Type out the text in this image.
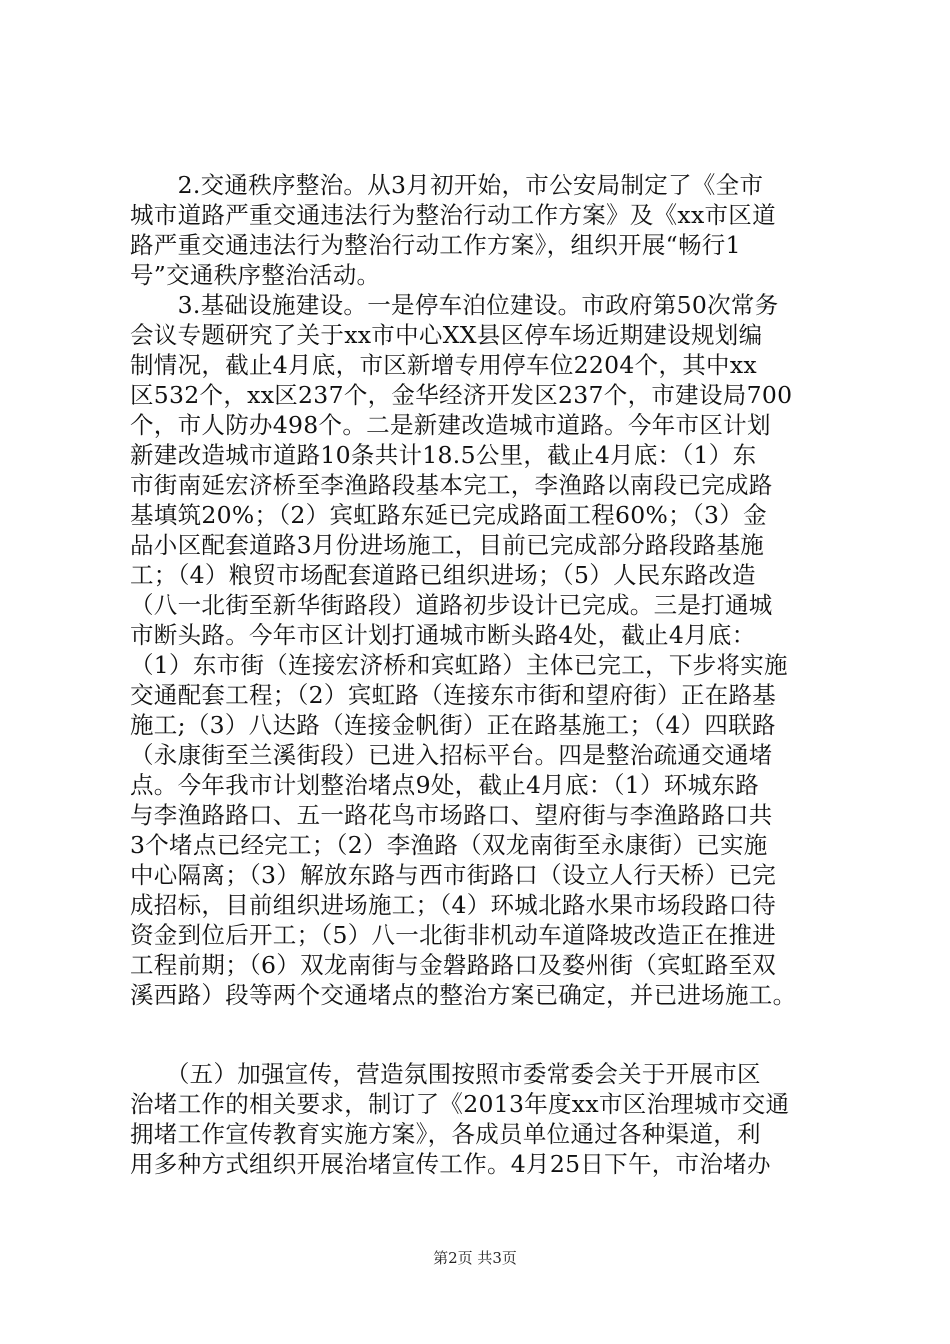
　　2.交通秩序整治。从3月初开始，市公安局制定了《全市
城市道路严重交通违法行为整治行动工作方案》及《xx市区道
路严重交通违法行为整治行动工作方案》，组织开展“畅行1
号”交通秩序整治活动。
　　3.基础设施建设。一是停车泊位建设。市政府第50次常务
会议专题研究了关于xx市中心XX县区停车场近期建设规划编
制情况，截止4月底，市区新增专用停车位2204个，其中xx
区532个，xx区237个，金华经济开发区237个，市建设局700
个，市人防办498个。二是新建改造城市道路。今年市区计划
新建改造城市道路10条共计18.5公里，截止4月底：（1）东
市街南延宏济桥至李渔路段基本完工，李渔路以南段已完成路
基填筑20%；（2）宾虹路东延已完成路面工程60%；（3）金
品小区配套道路3月份进场施工，目前已完成部分路段路基施
工；（4）粮贸市场配套道路已组织进场；（5）人民东路改造
（八一北街至新华街路段）道路初步设计已完成。三是打通城
市断头路。今年市区计划打通城市断头路4处，截止4月底：
（1）东市街（连接宏济桥和宾虹路）主体已完工，下步将实施
交通配套工程；（2）宾虹路（连接东市街和望府街）正在路基
施工;（3）八达路（连接金帆街）正在路基施工；（4）四联路
（永康街至兰溪街段）已进入招标平台。四是整治疏通交通堵
点。今年我市计划整治堵点9处，截止4月底：（1）环城东路
与李渔路路口、五一路花鸟市场路口、望府街与李渔路路口共
3个堵点已经完工；（2）李渔路（双龙南街至永康街）已实施
中心隔离；（3）解放东路与西市街路口（设立人行天桥）已完
成招标，目前组织进场施工；（4）环城北路水果市场段路口待
资金到位后开工；（5）八一北街非机动车道降坡改造正在推进
工程前期；（6）双龙南街与金磐路路口及婺州街（宾虹路至双
溪西路）段等两个交通堵点的整治方案已确定，并已进场施工。
　　（五）加强宣传，营造氛围按照市委常委会关于开展市区
治堵工作的相关要求，制订了《2013年度xx市区治理城市交通
拥堵工作宣传教育实施方案》，各成员单位通过各种渠道，利
用多种方式组织开展治堵宣传工作。4月25日下午，市治堵办
第2页 共3页
